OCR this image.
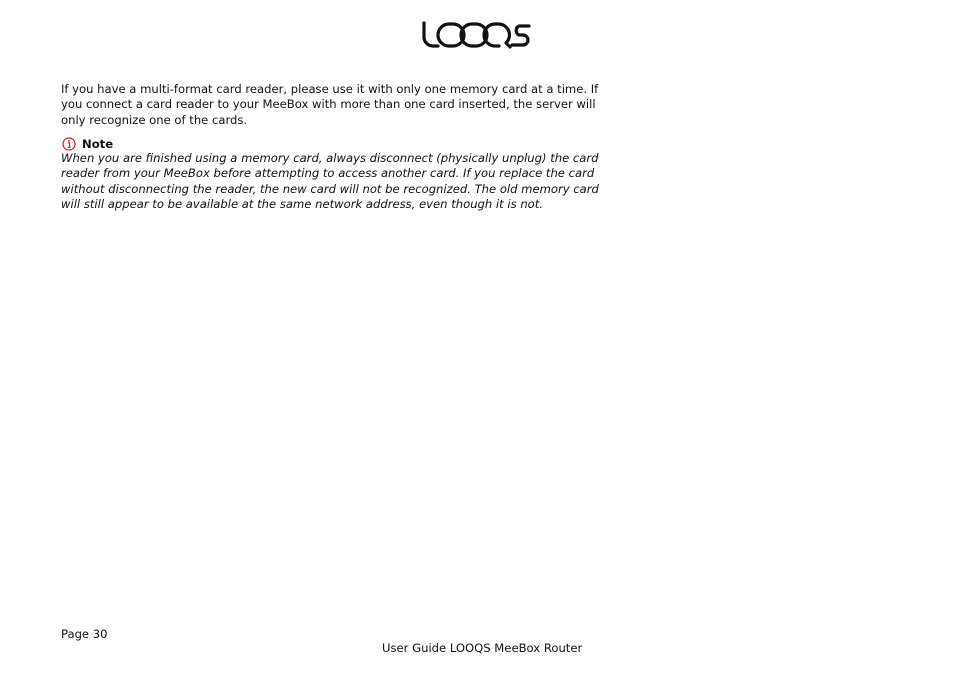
If you have a multi-format card reader, please use it with only one memory card at a time. If you connect a card reader to your MeeBox with more than one card inserted, the server will only recognize one of the cards.

Note

When you are finished using a memory card, always disconnect (physically unplug) the card reader from your MeeBox before attempting to access another card. If you replace the card without disconnecting the reader, the new card will not be recognized. The old memory card will still appear to be available at the same network address, even though it is not.

Page 30
User Guide LOOQS MeeBox Router
